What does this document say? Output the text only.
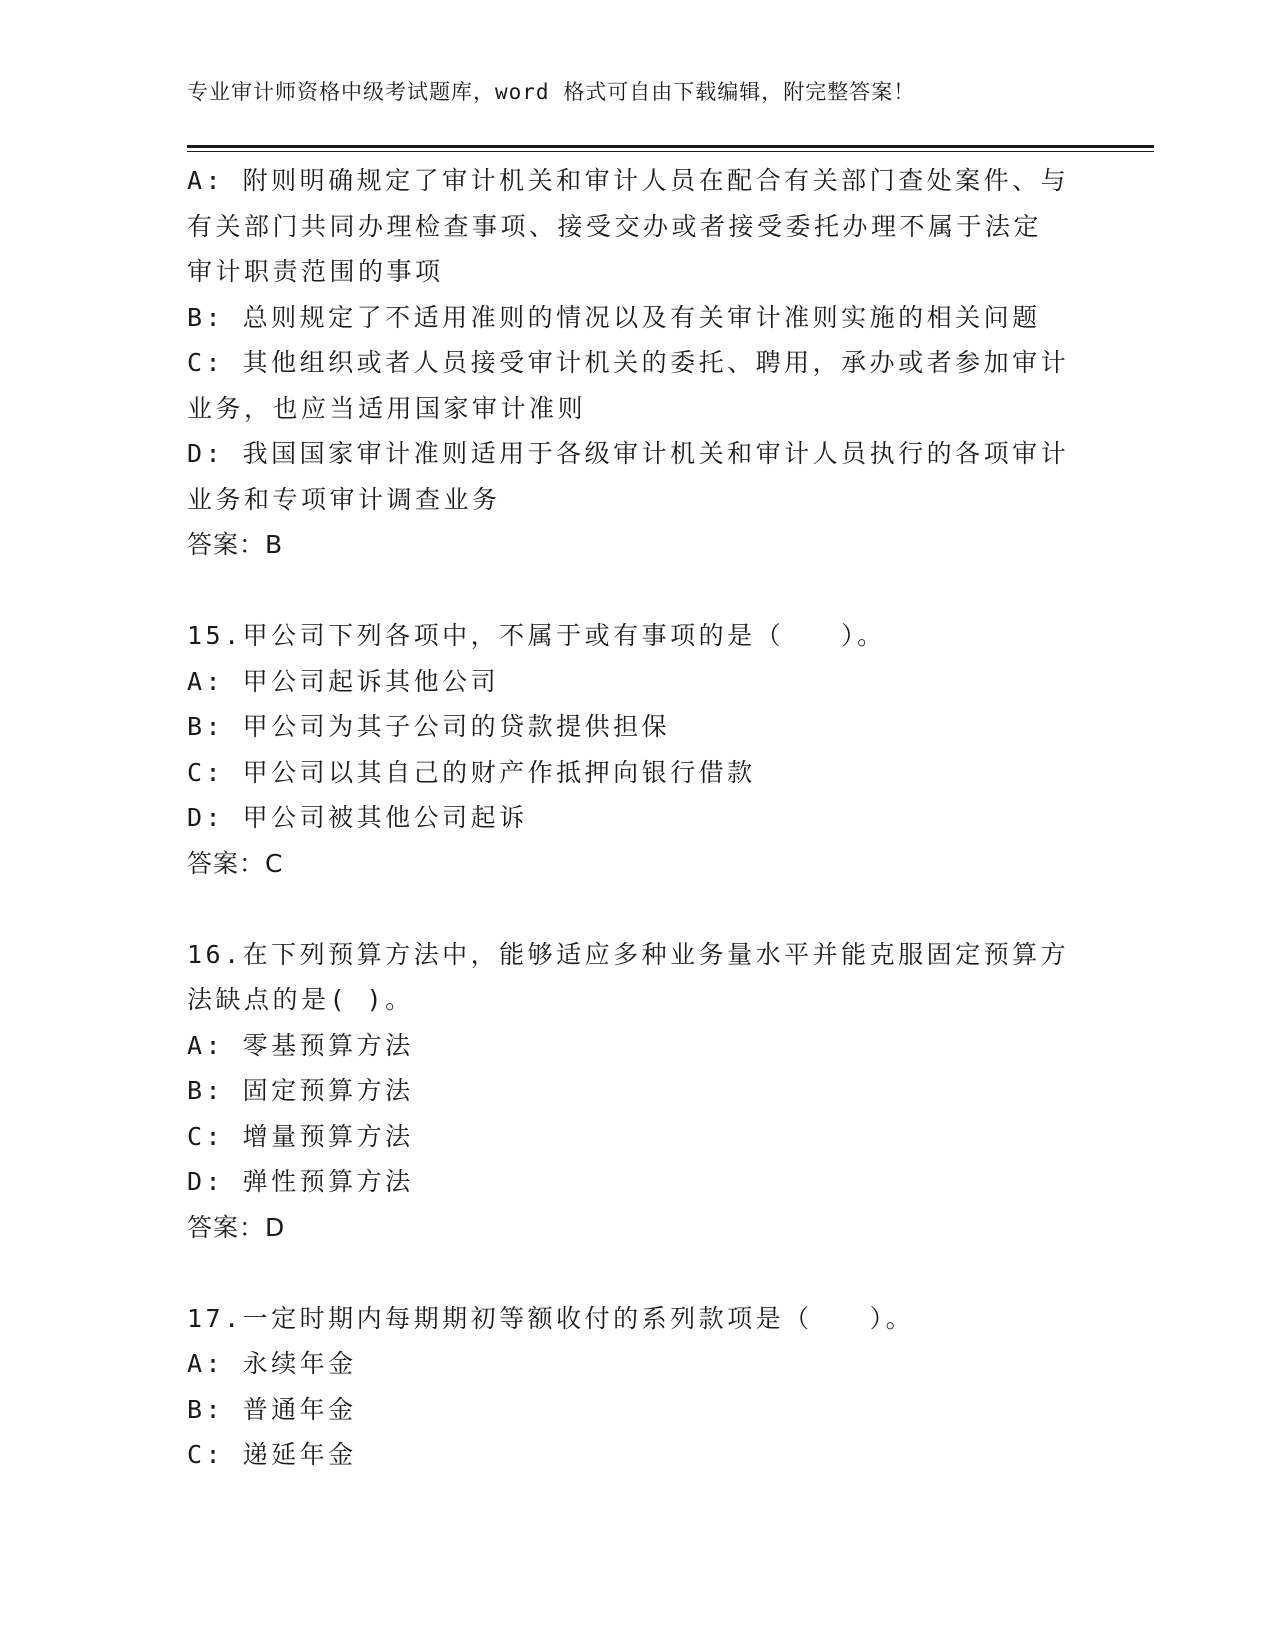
专业审计师资格中级考试题库，word 格式可自由下载编辑，附完整答案！
A: 附则明确规定了审计机关和审计人员在配合有关部门查处案件、与
有关部门共同办理检查事项、接受交办或者接受委托办理不属于法定
审计职责范围的事项
B: 总则规定了不适用准则的情况以及有关审计准则实施的相关问题
C: 其他组织或者人员接受审计机关的委托、聘用，承办或者参加审计
业务，也应当适用国家审计准则
D: 我国国家审计准则适用于各级审计机关和审计人员执行的各项审计
业务和专项审计调查业务
答案：B
15.甲公司下列各项中，不属于或有事项的是（　　）。
A: 甲公司起诉其他公司
B: 甲公司为其子公司的贷款提供担保
C: 甲公司以其自己的财产作抵押向银行借款
D: 甲公司被其他公司起诉
答案：C
16.在下列预算方法中，能够适应多种业务量水平并能克服固定预算方
法缺点的是( )。
A: 零基预算方法
B: 固定预算方法
C: 增量预算方法
D: 弹性预算方法
答案：D
17.一定时期内每期期初等额收付的系列款项是（　　）。
A: 永续年金
B: 普通年金
C: 递延年金
